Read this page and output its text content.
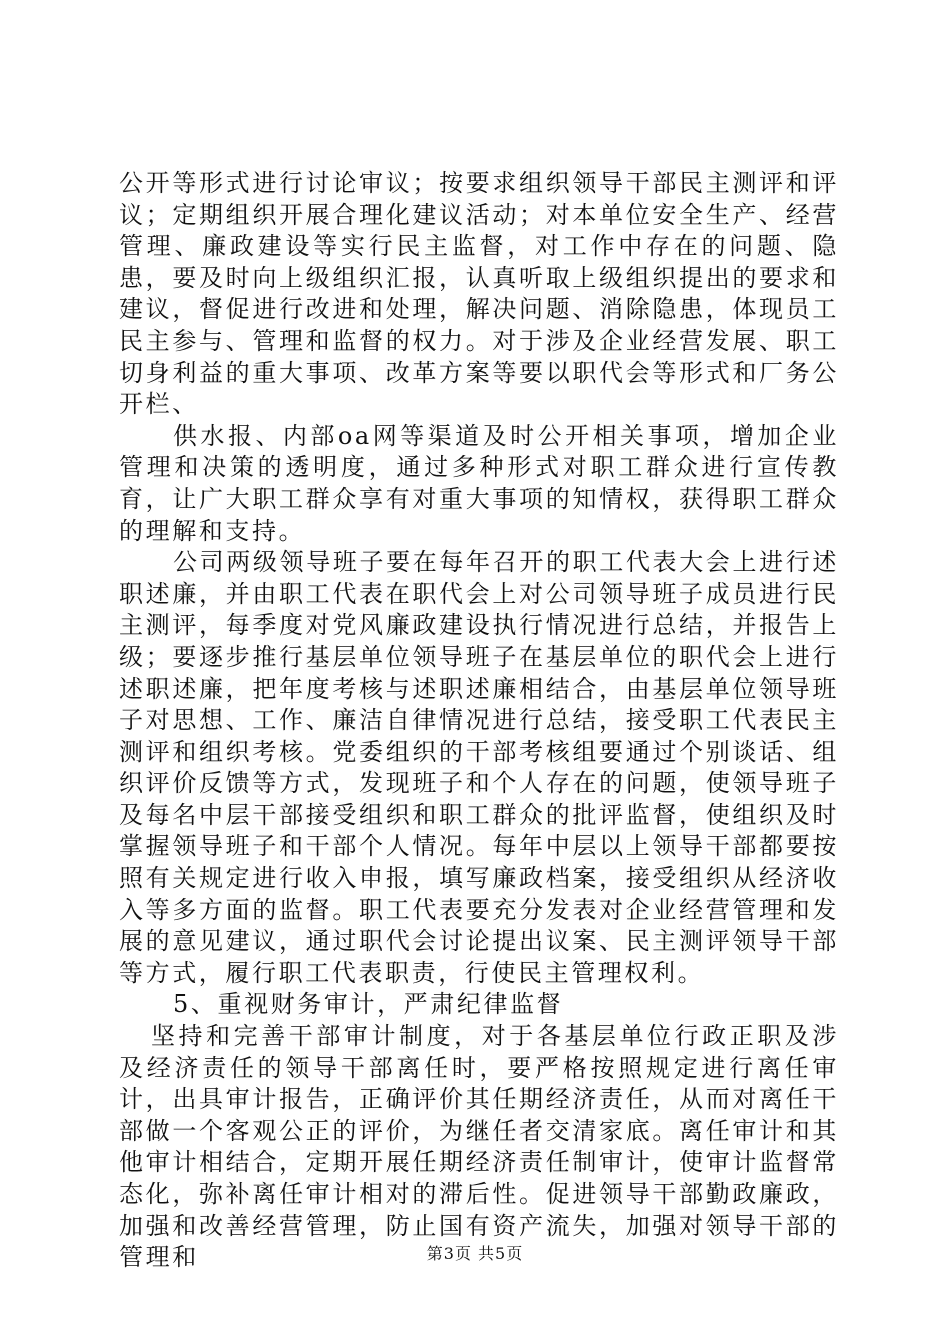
公开等形式进行讨论审议；按要求组织领导干部民主测评和评议；定期组织开展合理化建议活动；对本单位安全生产、经营管理、廉政建设等实行民主监督，对工作中存在的问题、隐患，要及时向上级组织汇报，认真听取上级组织提出的要求和建议，督促进行改进和处理，解决问题、消除隐患，体现员工民主参与、管理和监督的权力。对于涉及企业经营发展、职工切身利益的重大事项、改革方案等要以职代会等形式和厂务公开栏、

供水报、内部oa网等渠道及时公开相关事项，增加企业管理和决策的透明度，通过多种形式对职工群众进行宣传教育，让广大职工群众享有对重大事项的知情权，获得职工群众的理解和支持。

公司两级领导班子要在每年召开的职工代表大会上进行述职述廉，并由职工代表在职代会上对公司领导班子成员进行民主测评，每季度对党风廉政建设执行情况进行总结，并报告上级；要逐步推行基层单位领导班子在基层单位的职代会上进行述职述廉，把年度考核与述职述廉相结合，由基层单位领导班子对思想、工作、廉洁自律情况进行总结，接受职工代表民主测评和组织考核。党委组织的干部考核组要通过个别谈话、组织评价反馈等方式，发现班子和个人存在的问题，使领导班子及每名中层干部接受组织和职工群众的批评监督，使组织及时掌握领导班子和干部个人情况。每年中层以上领导干部都要按照有关规定进行收入申报，填写廉政档案，接受组织从经济收入等多方面的监督。职工代表要充分发表对企业经营管理和发展的意见建议，通过职代会讨论提出议案、民主测评领导干部等方式，履行职工代表职责，行使民主管理权利。

5、重视财务审计，严肃纪律监督

坚持和完善干部审计制度，对于各基层单位行政正职及涉及经济责任的领导干部离任时，要严格按照规定进行离任审计，出具审计报告，正确评价其任期经济责任，从而对离任干部做一个客观公正的评价，为继任者交清家底。离任审计和其他审计相结合，定期开展任期经济责任制审计，使审计监督常态化，弥补离任审计相对的滞后性。促进领导干部勤政廉政，加强和改善经营管理，防止国有资产流失，加强对领导干部的管理和	第3页 共5页
